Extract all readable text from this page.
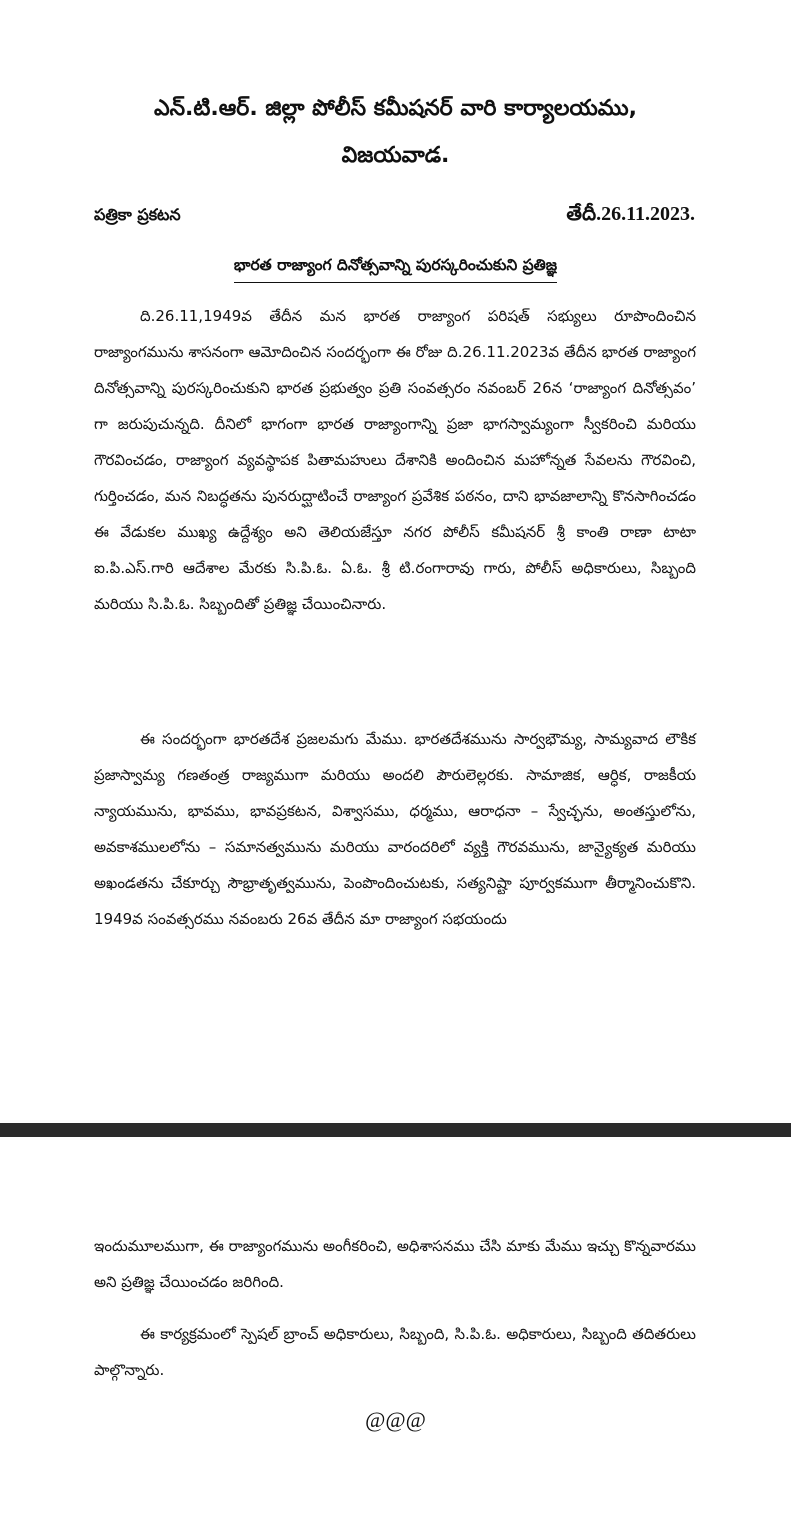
ఎన్.టి.ఆర్. జిల్లా పోలీస్ కమీషనర్ వారి కార్యాలయము,
విజయవాడ.
పత్రికా ప్రకటన	తేదీ.26.11.2023.
భారత రాజ్యాంగ దినోత్సవాన్ని పురస్కరించుకుని ప్రతిజ్ఞ

ది.26.11,1949వ తేదీన మన భారత రాజ్యాంగ పరిషత్ సభ్యులు రూపొందించిన రాజ్యాంగమును శాసనంగా ఆమోదించిన సందర్భంగా ఈ రోజు ది.26.11.2023వ తేదీన భారత రాజ్యాంగ దినోత్సవాన్ని పురస్కరించుకుని భారత ప్రభుత్వం ప్రతి సంవత్సరం నవంబర్ 26న ‘రాజ్యాంగ దినోత్సవం’ గా జరుపుచున్నది. దీనిలో భాగంగా భారత రాజ్యాంగాన్ని ప్రజా భాగస్వామ్యంగా స్వీకరించి మరియు గౌరవించడం, రాజ్యాంగ వ్యవస్థాపక పితామహులు దేశానికి అందించిన మహోన్నత సేవలను గౌరవించి, గుర్తించడం, మన నిబద్ధతను పునరుద్ఘాటించే రాజ్యాంగ ప్రవేశిక పఠనం, దాని భావజాలాన్ని కొనసాగించడం ఈ వేడుకల ముఖ్య ఉద్దేశ్యం అని తెలియజేస్తూ నగర పోలీస్ కమీషనర్ శ్రీ కాంతి రాణా టాటా ఐ.పి.ఎస్.గారి ఆదేశాల మేరకు సి.పి.ఓ. ఏ.ఓ. శ్రీ టి.రంగారావు గారు, పోలీస్ అధికారులు, సిబ్బంది మరియు సి.పి.ఓ. సిబ్బందితో ప్రతిజ్ఞ చేయించినారు.

ఈ సందర్భంగా భారతదేశ ప్రజలమగు మేము. భారతదేశమును సార్వభౌమ్య, సామ్యవాద లౌకిక ప్రజాస్వామ్య గణతంత్ర రాజ్యముగా మరియు అందలి పౌరులెల్లరకు. సామాజిక, ఆర్ధిక, రాజకీయ న్యాయమును, భావము, భావప్రకటన, విశ్వాసము, ధర్మము, ఆరాధనా – స్వేచ్ఛను, అంతస్తులోను, అవకాశములలోను – సమానత్వమును మరియు వారందరిలో వ్యక్తి గౌరవమును, జాన్యైక్యత మరియు అఖండతను చేకూర్చు సౌభ్రాతృత్వమును, పెంపొందించుటకు, సత్యనిష్టా పూర్వకముగా తీర్మానించుకొని. 1949వ సంవత్సరము నవంబరు 26వ తేదీన మా రాజ్యాంగ సభయందు

ఇందుమూలముగా, ఈ రాజ్యాంగమును అంగీకరించి, అధిశాసనము చేసి మాకు మేము ఇచ్చు కొన్నవారము అని ప్రతిజ్ఞ చేయించడం జరిగింది.

ఈ కార్యక్రమంలో స్పెషల్ బ్రాంచ్ అధికారులు, సిబ్బంది, సి.పి.ఓ. అధికారులు, సిబ్బంది తదితరులు పాల్గొన్నారు.

@@@
